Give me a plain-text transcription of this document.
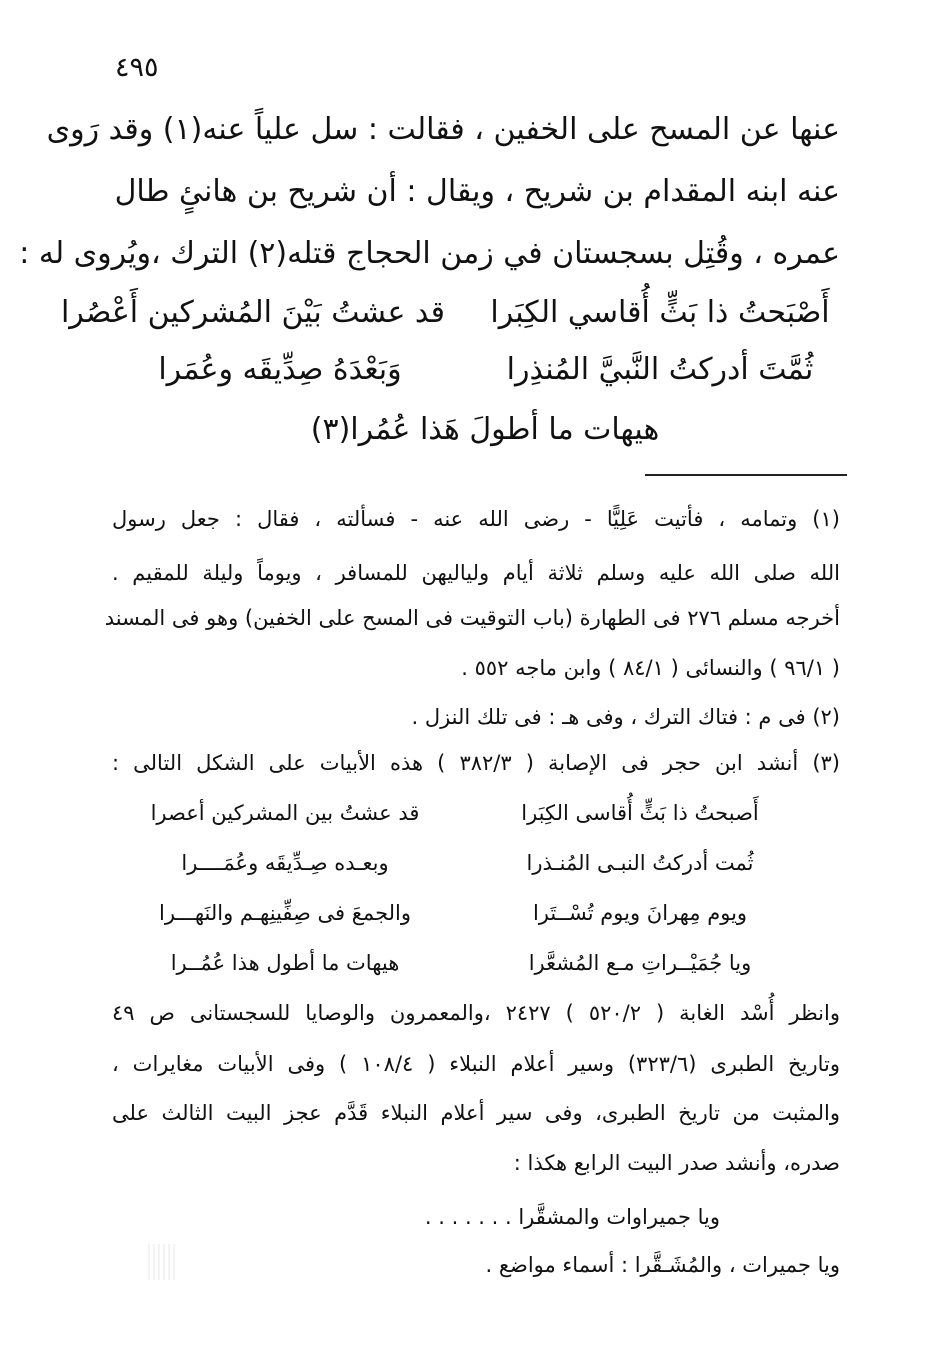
٤٩٥
عنها عن المسح على الخفين ، فقالت : سل علياً عنه(١) وقد رَوى
عنه ابنه المقدام بن شريح ، ويقال : أن شريح بن هانئٍ طال
عمره ، وقُتِل بسجستان في زمن الحجاج قتله(٢) الترك ،ويُروى له :
أَصْبَحتُ ذا بَثٍّ أُقاسي الكِبَرا
قد عشتُ بَيْنَ المُشركين أَعْصُرا
ثُمَّتَ أدركتُ النَّبيَّ المُنذِرا
وَبَعْدَهُ صِدِّيقَه وعُمَرا
هيهات ما أطولَ هَذا عُمُرا(٣)
(١) وتمامه ، فأتيت عَلِيًّا - رضى الله عنه - فسألته ، فقال : جعل رسول
الله صلى الله عليه وسلم ثلاثة أيام ولياليهن للمسافر ، ويوماً وليلة للمقيم .
أخرجه مسلم ٢٧٦ فى الطهارة (باب التوقيت فى المسح على الخفين) وهو فى المسند
( ٩٦/١ ) والنسائى ( ٨٤/١ ) وابن ماجه ٥٥٢ .
(٢) فى م : فتاك الترك ، وفى هـ : فى تلك النزل .
(٣) أنشد ابن حجر فى الإصابة ( ٣٨٢/٣ ) هذه الأبيات على الشكل التالى :
أَصبحتُ ذا بَثٍّ أُقاسى الكِبَرا
قد عشتُ بين المشركين أعصرا
ثُمت أدركتُ النبـى المُنـذرا
وبعـده صِـدِّيقَه وعُمَــــرا
ويوم مِهرانَ ويوم تُسْــتَرا
والجمعَ فى صِفِّينِهـم والنَهـــرا
ويا جُمَيْــراتِ مـع المُشعَّرا
هيهات ما أطول هذا عُمُــرا
وانظر أُسْد الغابة ( ٥٢٠/٢ ) ٢٤٢٧ ،والمعمرون والوصايا للسجستانى ص ٤٩
وتاريخ الطبرى (٣٢٣/٦) وسير أعلام النبلاء ( ١٠٨/٤ ) وفى الأبيات مغايرات ،
والمثبت من تاريخ الطبرى، وفى سير أعلام النبلاء قَدَّم عجز البيت الثالث على
صدره، وأنشد صدر البيت الرابع هكذا :
ويا جميراوات والمشقَّرا . . . . . . .
ويا جميرات ، والمُشَـقَّرا : أسماء مواضع .
